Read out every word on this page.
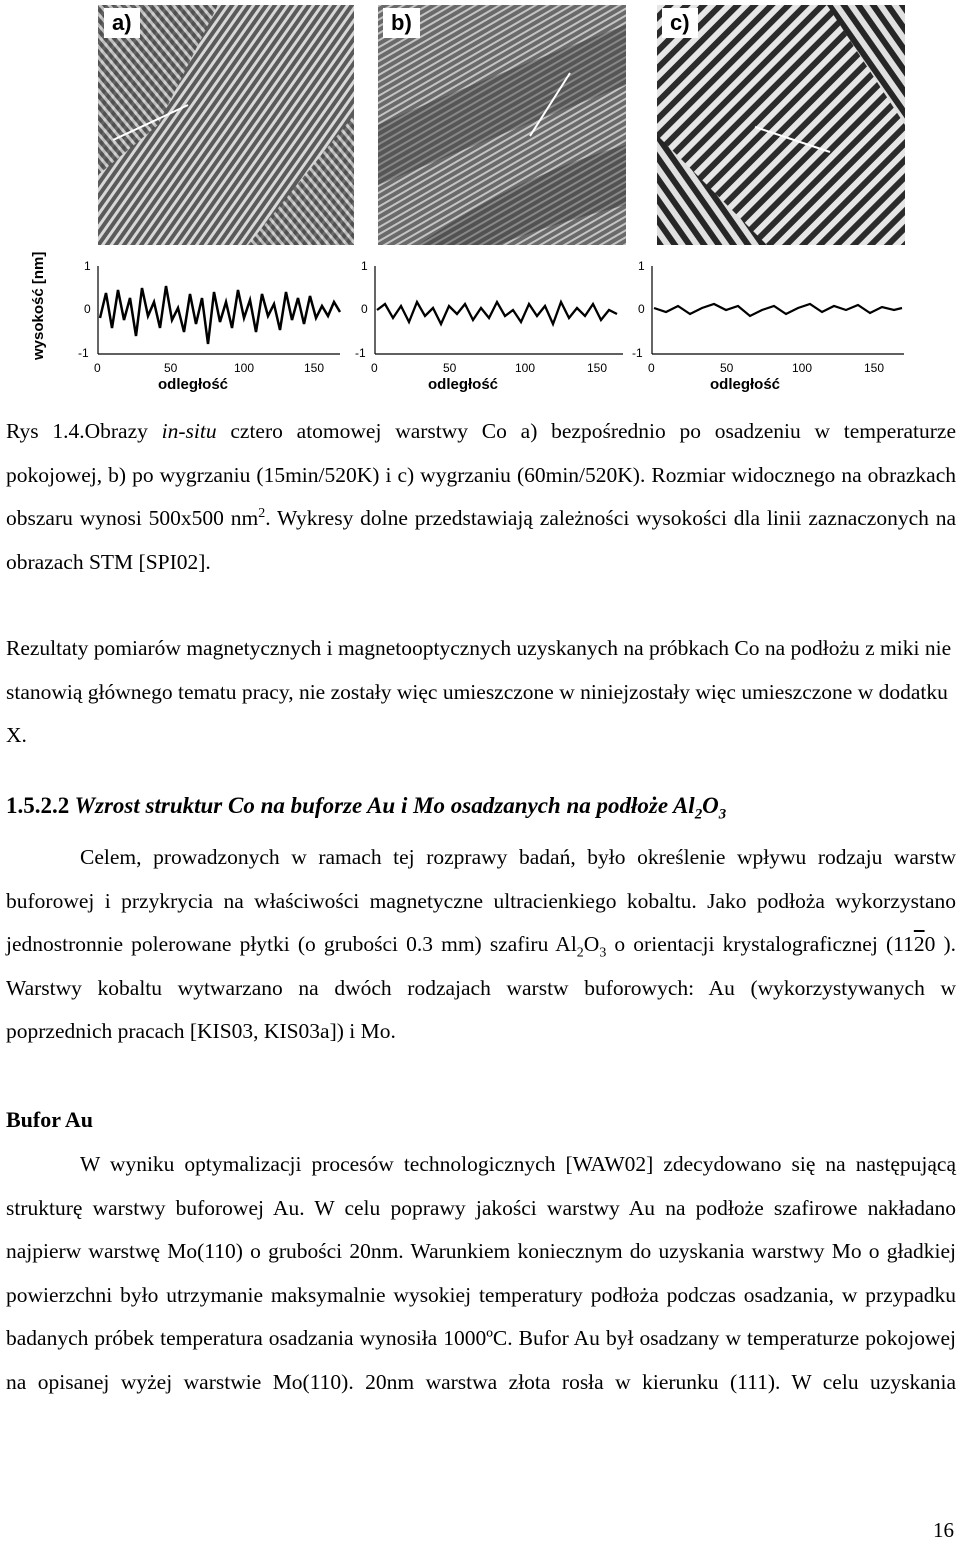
a)	b)	c)
wysokość [nm]	1
0
-1
0	50	100	150
odległość
1
0
-1
0	50	100	150
odległość
1
0
-1
0	50	100	150
odległość

Rys 1.4.Obrazy in-situ cztero atomowej warstwy Co a) bezpośrednio po osadzeniu w temperaturze pokojowej, b) po wygrzaniu (15min/520K) i c) wygrzaniu (60min/520K). Rozmiar widocznego na obrazkach obszaru wynosi 500x500 $nm^2$. Wykresy dolne przedstawiają zależności wysokości dla linii zaznaczonych na obrazach STM [SPI02].

Rezultaty pomiarów magnetycznych i magnetooptycznych uzyskanych na próbkach Co na podłożu z miki nie stanowią głównego tematu pracy, nie zostały więc umieszczone w niniejzostały więc umieszczone w dodatku X.

1.5.2.2 Wzrost struktur Co na buforze Au i Mo osadzanych na podłoże $Al_2O_3$

Celem, prowadzonych w ramach tej rozprawy badań, było określenie wpływu rodzaju warstw buforowej i przykrycia na właściwości magnetyczne ultracienkiego kobaltu. Jako podłoża wykorzystano jednostronnie polerowane płytki (o grubości 0.3 mm) szafiru $Al_2O_3$ o orientacji krystalograficznej (1120 ). Warstwy kobaltu wytwarzano na dwóch rodzajach warstw buforowych: Au (wykorzystywanych w poprzednich pracach [KIS03, KIS03a]) i Mo.

Bufor Au

W wyniku optymalizacji procesów technologicznych [WAW02] zdecydowano się na następującą strukturę warstwy buforowej Au. W celu poprawy jakości warstwy Au na podłoże szafirowe nakładano najpierw warstwę Mo(110) o grubości 20nm. Warunkiem koniecznym do uzyskania warstwy Mo o gładkiej powierzchni było utrzymanie maksymalnie wysokiej temperatury podłoża podczas osadzania, w przypadku badanych próbek temperatura osadzania wynosiła 1000ºC. Bufor Au był osadzany w temperaturze pokojowej na opisanej wyżej warstwie Mo(110). 20nm warstwa złota rosła w kierunku (111). W celu uzyskania

16
